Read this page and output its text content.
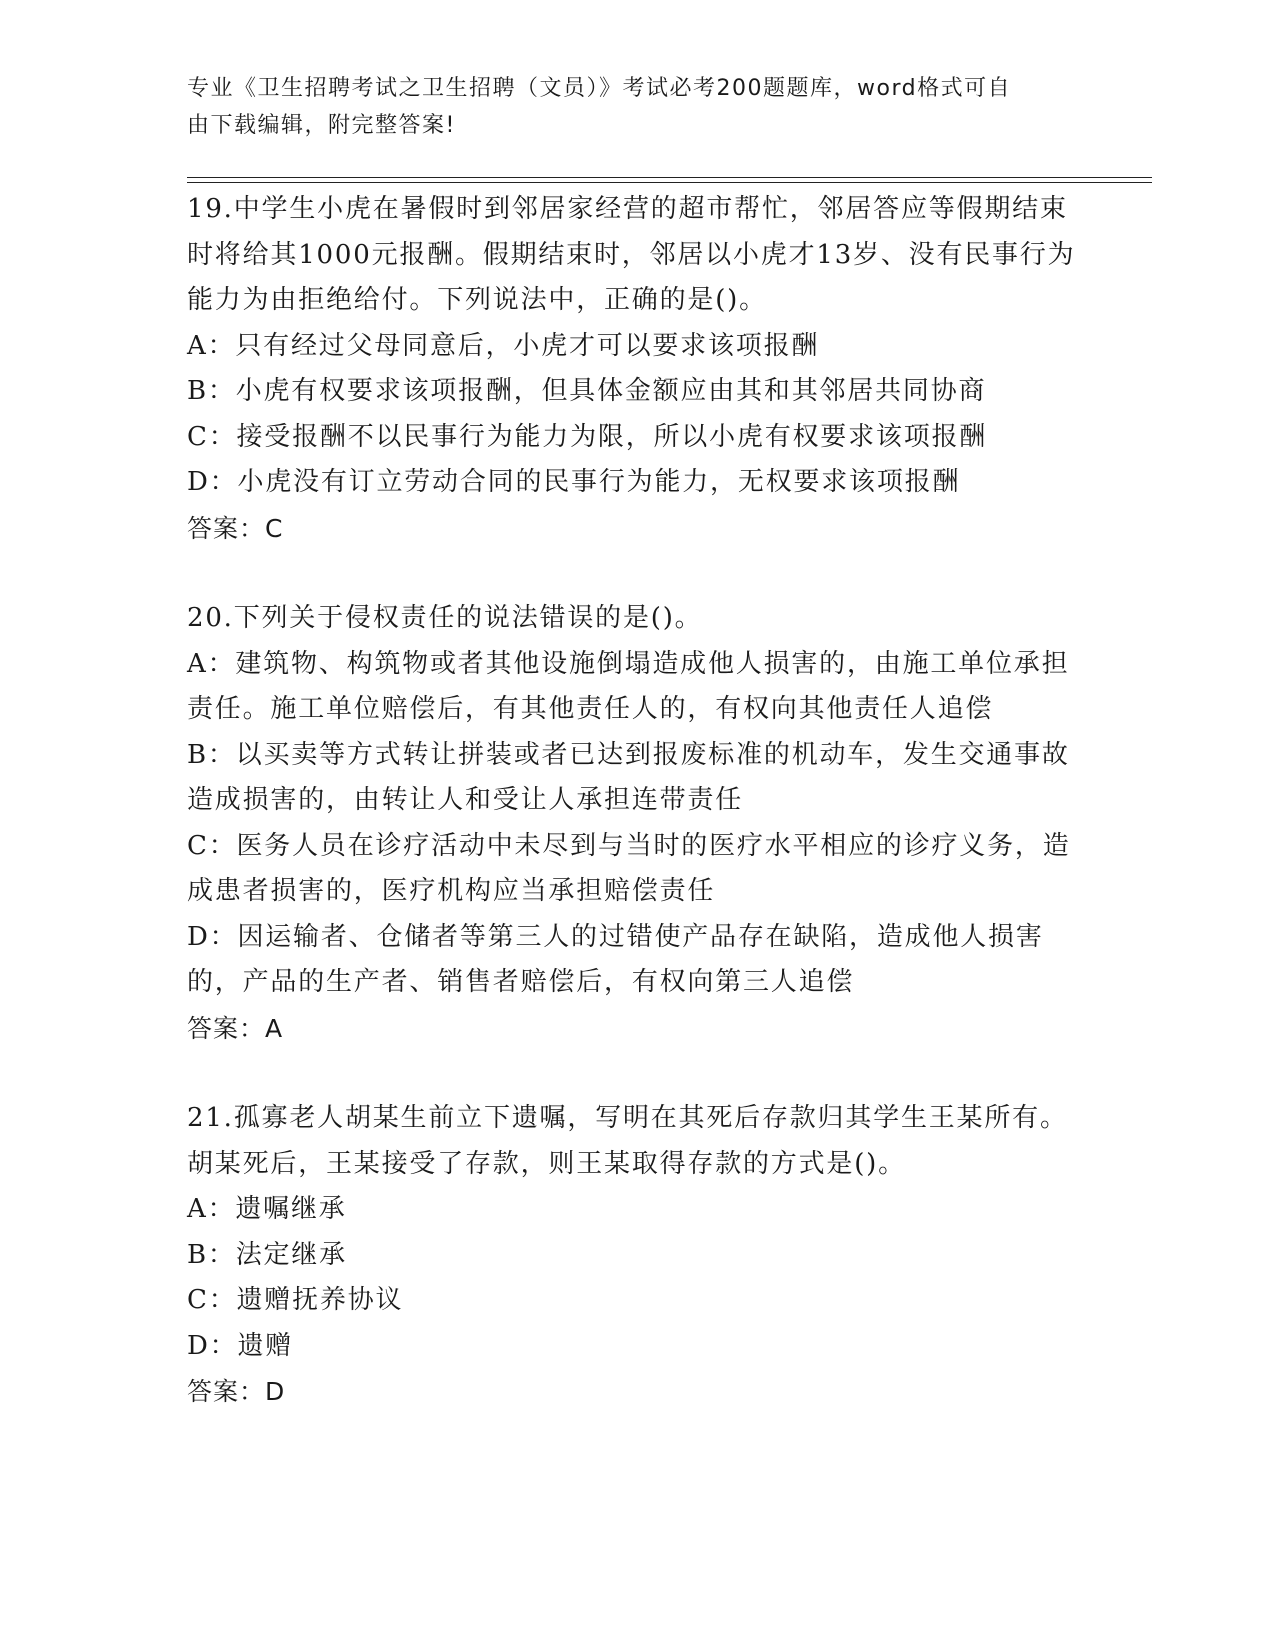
专业《卫生招聘考试之卫生招聘（文员）》考试必考200题题库，word格式可自
由下载编辑，附完整答案!

19.中学生小虎在暑假时到邻居家经营的超市帮忙，邻居答应等假期结束时将给其1000元报酬。假期结束时，邻居以小虎才13岁、没有民事行为能力为由拒绝给付。下列说法中，正确的是()。

A：只有经过父母同意后，小虎才可以要求该项报酬

B：小虎有权要求该项报酬，但具体金额应由其和其邻居共同协商

C：接受报酬不以民事行为能力为限，所以小虎有权要求该项报酬

D：小虎没有订立劳动合同的民事行为能力，无权要求该项报酬

答案：C

20.下列关于侵权责任的说法错误的是()。

A：建筑物、构筑物或者其他设施倒塌造成他人损害的，由施工单位承担责任。施工单位赔偿后，有其他责任人的，有权向其他责任人追偿

B：以买卖等方式转让拼装或者已达到报废标准的机动车，发生交通事故造成损害的，由转让人和受让人承担连带责任

C：医务人员在诊疗活动中未尽到与当时的医疗水平相应的诊疗义务，造成患者损害的，医疗机构应当承担赔偿责任

D：因运输者、仓储者等第三人的过错使产品存在缺陷，造成他人损害的，产品的生产者、销售者赔偿后，有权向第三人追偿

答案：A

21.孤寡老人胡某生前立下遗嘱，写明在其死后存款归其学生王某所有。胡某死后，王某接受了存款，则王某取得存款的方式是()。

A：遗嘱继承

B：法定继承

C：遗赠抚养协议

D：遗赠

答案：D
